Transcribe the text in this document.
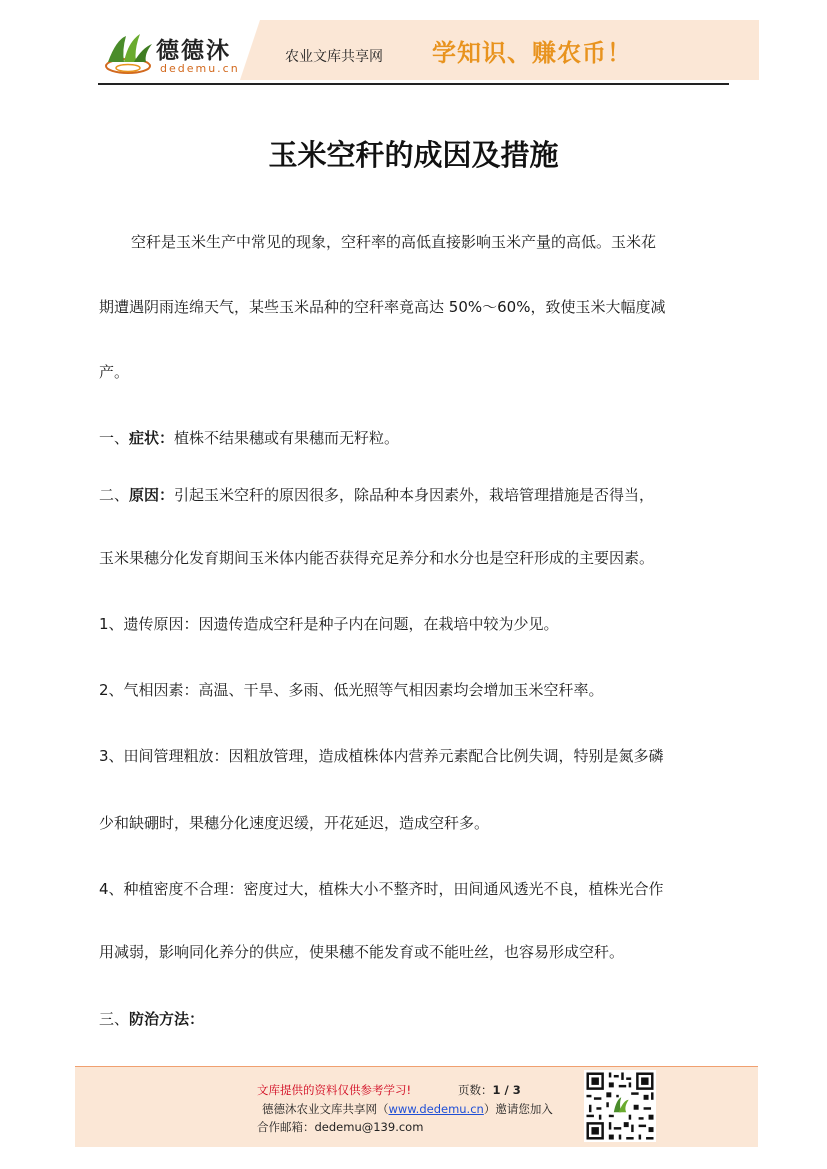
德德沐
dedemu.cn
农业文库共享网 学知识、赚农币！
玉米空秆的成因及措施
空秆是玉米生产中常见的现象，空秆率的高低直接影响玉米产量的高低。玉米花
期遭遇阴雨连绵天气，某些玉米品种的空秆率竟高达 50%～60%，致使玉米大幅度减
产。
一、症状：植株不结果穗或有果穗而无籽粒。
二、原因：引起玉米空秆的原因很多，除品种本身因素外，栽培管理措施是否得当，
玉米果穗分化发育期间玉米体内能否获得充足养分和水分也是空秆形成的主要因素。
1、遗传原因：因遗传造成空秆是种子内在问题，在栽培中较为少见。
2、气相因素：高温、干旱、多雨、低光照等气相因素均会增加玉米空秆率。
3、田间管理粗放：因粗放管理，造成植株体内营养元素配合比例失调，特别是氮多磷
少和缺硼时，果穗分化速度迟缓，开花延迟，造成空秆多。
4、种植密度不合理：密度过大，植株大小不整齐时，田间通风透光不良，植株光合作
用减弱，影响同化养分的供应，使果穗不能发育或不能吐丝，也容易形成空秆。
三、防治方法：
文库提供的资料仅供参考学习!	页数：1 / 3
德德沐农业文库共享网（www.dedemu.cn）邀请您加入
合作邮箱：dedemu@139.com
